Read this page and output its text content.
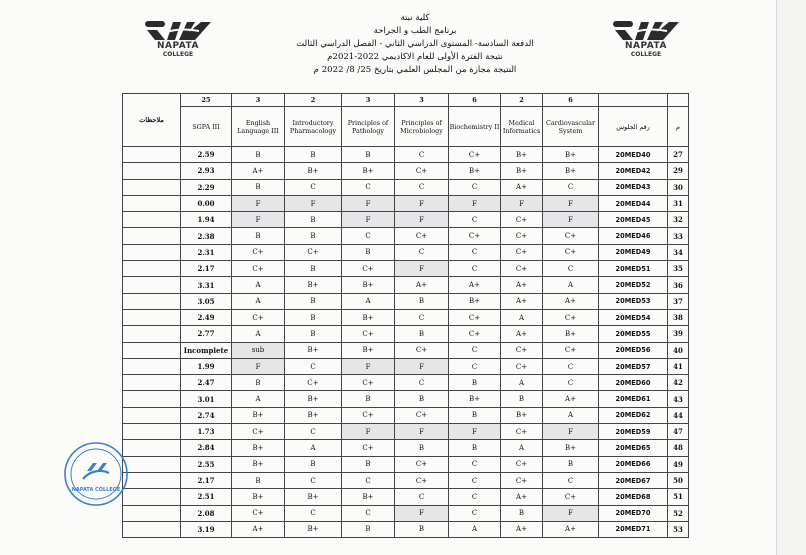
NAPATA
COLLEGE
NAPATA
COLLEGE
كلية نبتة
برنامج الطب و الجراحة
الدفعة السادسة- المستوى الدراسي الثاني - الفصل الدراسي الثالث
نتيجة الفترة الأولى للعام الاكاديمي 2022-2021م
النتيجة مجازة من المجلس العلمي بتاريخ 25/ 8/ 2022 م
ملاحظات	25	3	2	3	3	6	2	6		
	SGPA III	English Language III	Introductory Pharmacology	Principles of Pathology	Principles of Microbiology	Biochemistry II	Medical Informatics	Cardiovascular System	رقم الجلوس	م
	2.59	B	B	B	C	C+	B+	B+	20MED40	27
	2.93	A+	B+	B+	C+	B+	B+	B+	20MED42	29
	2.29	B	C	C	C	C	A+	C	20MED43	30
	0.00	F	F	F	F	F	F	F	20MED44	31
	1.94	F	B	F	F	C	C+	F	20MED45	32
	2.38	B	B	C	C+	C+	C+	C+	20MED46	33
	2.31	C+	C+	B	C	C	C+	C+	20MED49	34
	2.17	C+	B	C+	F	C	C+	C	20MED51	35
	3.31	A	B+	B+	A+	A+	A+	A	20MED52	36
	3.05	A	B	A	B	B+	A+	A+	20MED53	37
	2.49	C+	B	B+	C	C+	A	C+	20MED54	38
	2.77	A	B	C+	B	C+	A+	B+	20MED55	39
	Incomplete	sub	B+	B+	C+	C	C+	C+	20MED56	40
	1.99	F	C	F	F	C	C+	C	20MED57	41
	2.47	B	C+	C+	C	B	A	C	20MED60	42
	3.01	A	B+	B	B	B+	B	A+	20MED61	43
	2.74	B+	B+	C+	C+	B	B+	A	20MED62	44
	1.73	C+	C	F	F	F	C+	F	20MED59	47
	2.84	B+	A	C+	B	B	A	B+	20MED65	48
	2.55	B+	B	B	C+	C	C+	B	20MED66	49
	2.17	B	C	C	C+	C	C+	C	20MED67	50
	2.51	B+	B+	B+	C	C	A+	C+	20MED68	51
	2.08	C+	C	C	F	C	B	F	20MED70	52
	3.19	A+	B+	B	B	A	A+	A+	20MED71	53
NAPATA COLLEGE
